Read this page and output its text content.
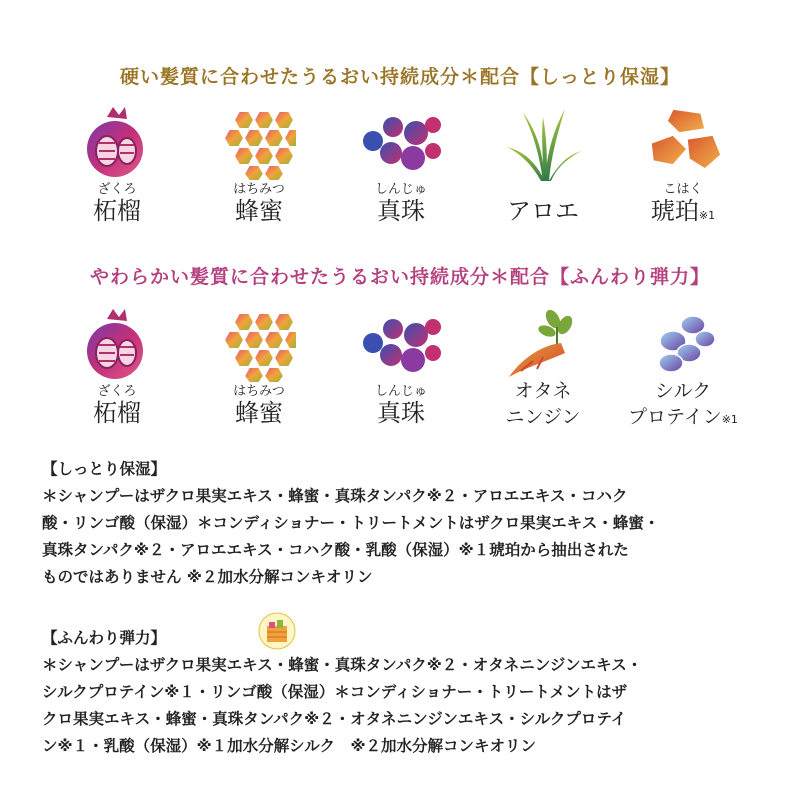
硬い髪質に合わせたうるおい持続成分＊配合【しっとり保湿】
ざくろ
柘榴
はちみつ
蜂蜜
しんじゅ
真珠	アロエ
こはく
琥珀※1
やわらかい髪質に合わせたうるおい持続成分＊配合【ふんわり弾力】
ざくろ
柘榴
はちみつ
蜂蜜
しんじゅ
真珠
オタネ
ニンジン
シルク
プロテイン※1
【しっとり保湿】
＊シャンプーはザクロ果実エキス・蜂蜜・真珠タンパク※２・アロエエキス・コハク
酸・リンゴ酸（保湿）＊コンディショナー・トリートメントはザクロ果実エキス・蜂蜜・
真珠タンパク※２・アロエエキス・コハク酸・乳酸（保湿）※１琥珀から抽出された
ものではありません ※２加水分解コンキオリン
【ふんわり弾力】
＊シャンプーはザクロ果実エキス・蜂蜜・真珠タンパク※２・オタネニンジンエキス・
シルクプロテイン※１・リンゴ酸（保湿）＊コンディショナー・トリートメントはザ
クロ果実エキス・蜂蜜・真珠タンパク※２・オタネニンジンエキス・シルクプロテイ
ン※１・乳酸（保湿）※１加水分解シルク　※２加水分解コンキオリン
